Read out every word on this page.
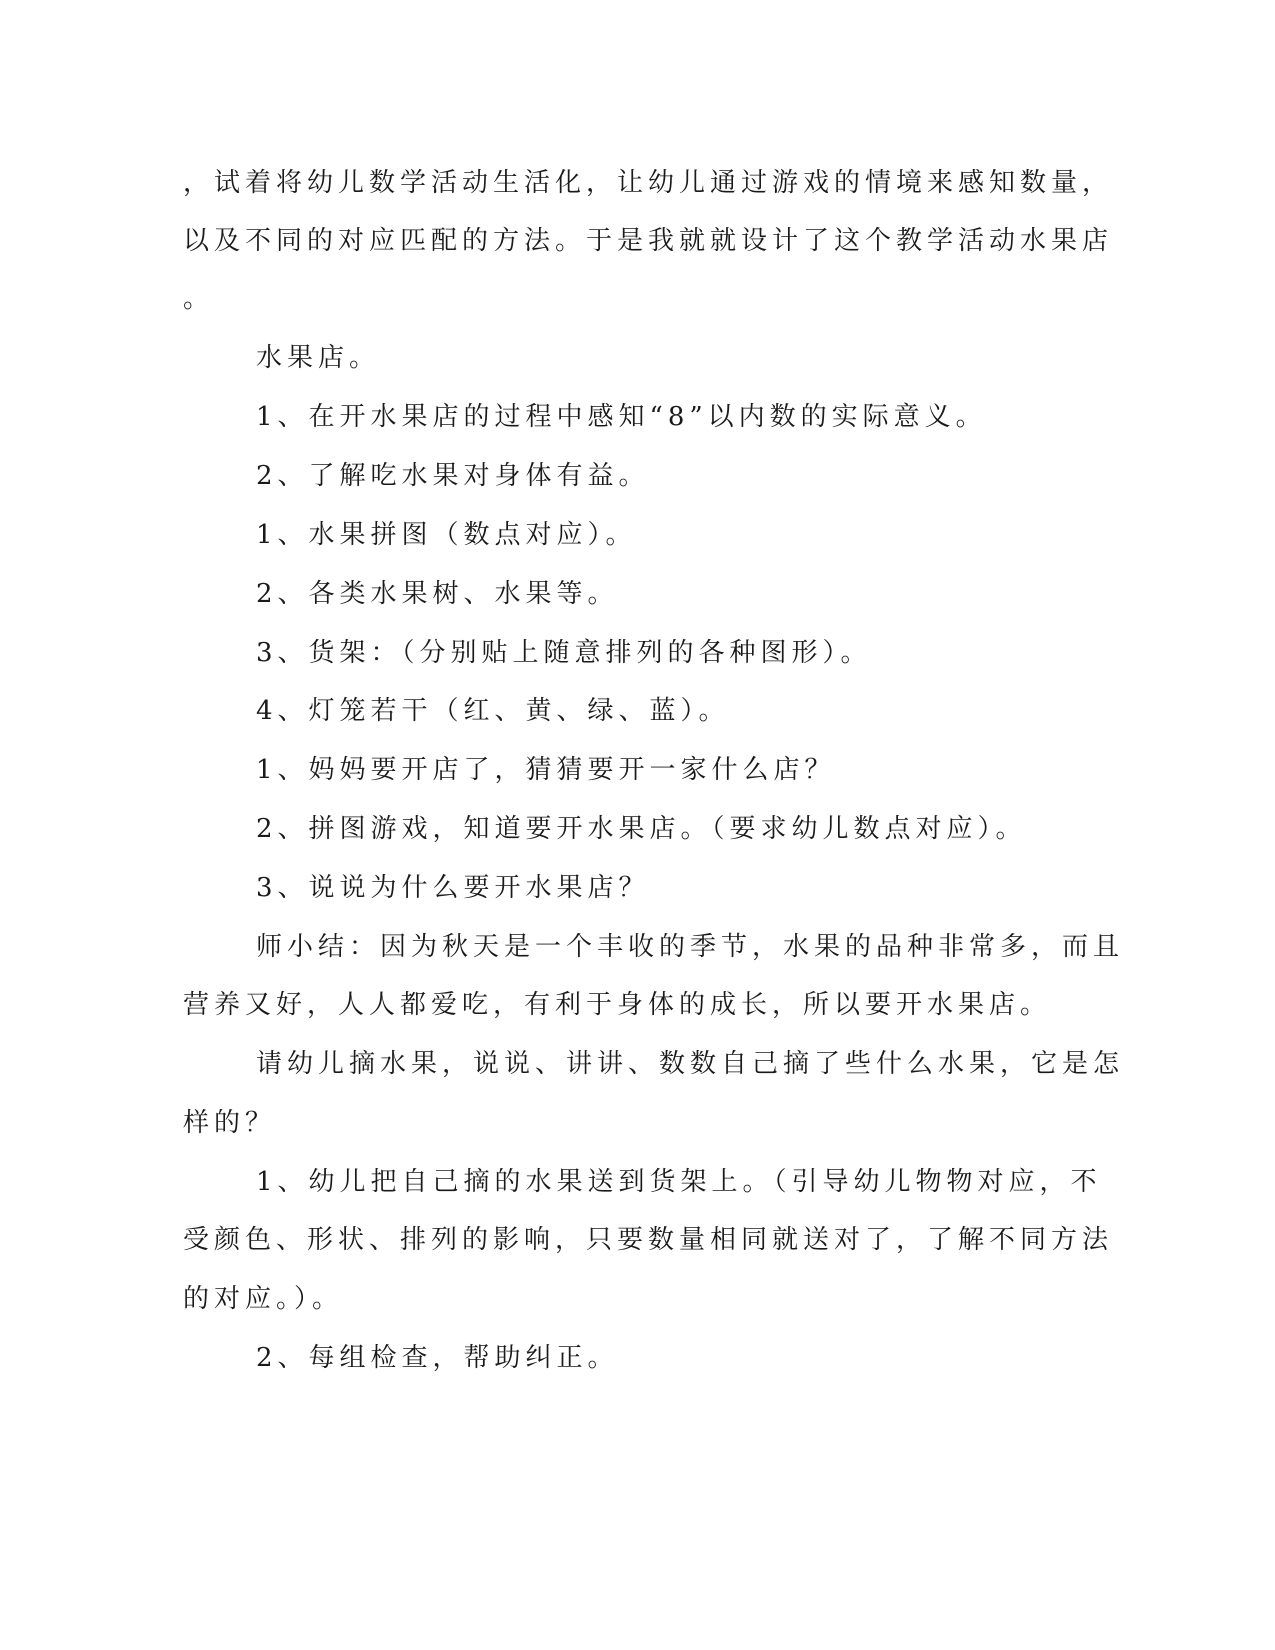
，试着将幼儿数学活动生活化，让幼儿通过游戏的情境来感知数量，
以及不同的对应匹配的方法。于是我就就设计了这个教学活动水果店
。
水果店。
1、在开水果店的过程中感知“8”以内数的实际意义。
2、了解吃水果对身体有益。
1、水果拼图（数点对应）。
2、各类水果树、水果等。
3、货架：（分别贴上随意排列的各种图形）。
4、灯笼若干（红、黄、绿、蓝）。
1、妈妈要开店了，猜猜要开一家什么店？
2、拼图游戏，知道要开水果店。（要求幼儿数点对应）。
3、说说为什么要开水果店？
师小结：因为秋天是一个丰收的季节，水果的品种非常多，而且
营养又好，人人都爱吃，有利于身体的成长，所以要开水果店。
请幼儿摘水果，说说、讲讲、数数自己摘了些什么水果，它是怎
样的？
1、幼儿把自己摘的水果送到货架上。（引导幼儿物物对应，不
受颜色、形状、排列的影响，只要数量相同就送对了，了解不同方法
的对应。）。
2、每组检查，帮助纠正。
